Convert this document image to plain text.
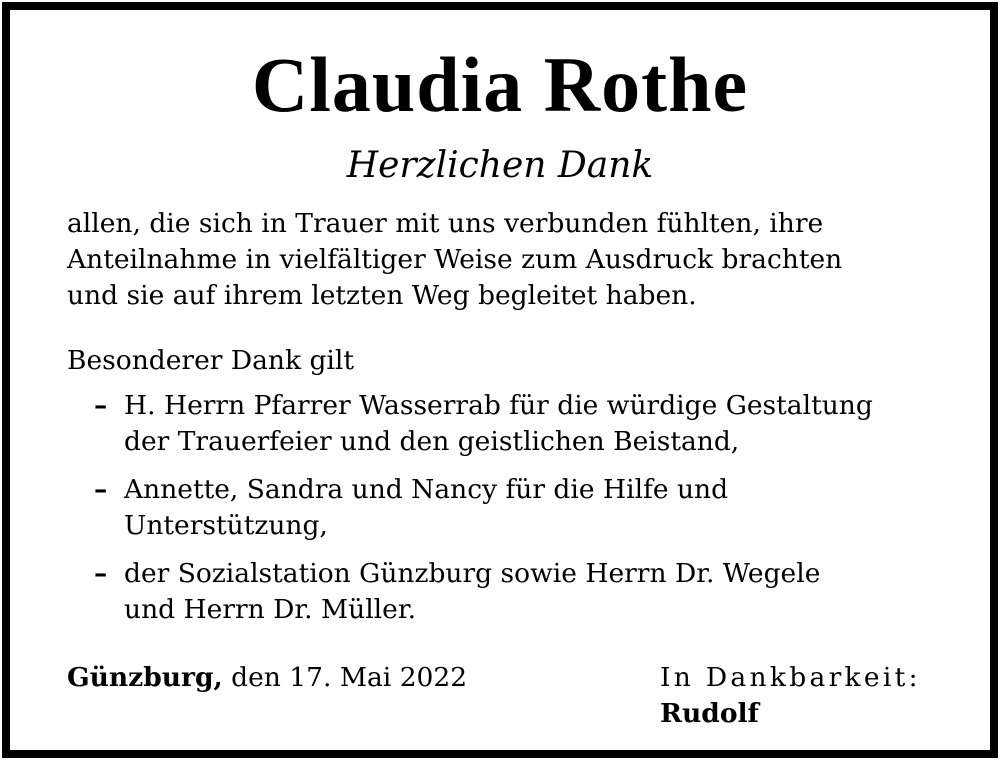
Claudia Rothe
Herzlichen Dank
allen, die sich in Trauer mit uns verbunden fühlten, ihre
Anteilnahme in vielfältiger Weise zum Ausdruck brachten
und sie auf ihrem letzten Weg begleitet haben.
Besonderer Dank gilt
– H. Herrn Pfarrer Wasserrab für die würdige Gestaltung
der Trauerfeier und den geistlichen Beistand,
– Annette, Sandra und Nancy für die Hilfe und
Unterstützung,
– der Sozialstation Günzburg sowie Herrn Dr. Wegele
und Herrn Dr. Müller.
Günzburg, den 17. Mai 2022	In Dankbarkeit:
Rudolf
